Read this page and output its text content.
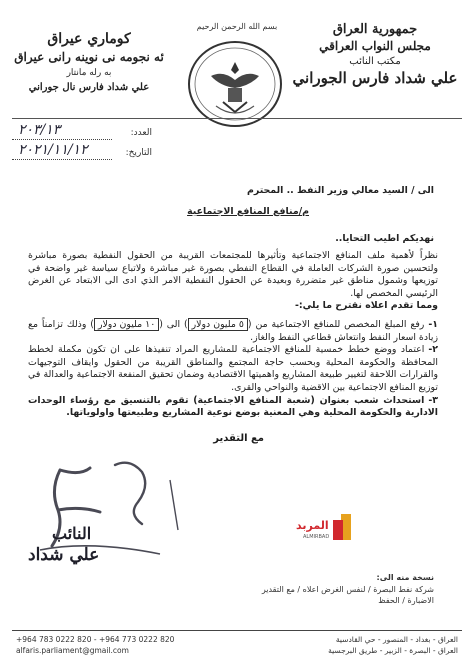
جمهورية العراق
مجلس النواب العراقي
مكتب النائب
علي شداد فارس الجوراني
بسم الله الرحمن الرحيم
كوماري عيراق
ئه نجومه نى نوينه رانى عيراق
به رله مانتار
علي شداد فارس نال جوراني
العدد:
٢٠٣/١٣
التاريخ:
٢٠٢١/١١/١٢
الى / السيد معالي وزير النفط .. المحترم
م/منافع المنافع الاجتماعية
نهديكم اطيب التحايا..
نظراً لأهمية ملف المنافع الاجتماعية وتأثيرها للمجتمعات القريبة من الحقول النفطية بصورة مباشرة ولتحسين صورة الشركات العاملة في القطاع النفطي بصورة غير مباشرة ولاتباع سياسة غير واضحة في توزيعها وشمول مناطق غير متضررة وبعيدة عن الحقول النفطية الامر الذي ادى الى الابتعاد عن الغرض الرئيسي المخصص لها.
ومما تقدم اعلاه نقترح ما يلي:-
١-رفع المبلغ المخصص للمنافع الاجتماعية من (٥ مليون دولار) الى (١٠ مليون دولار) وذلك تزامناً مع زيادة اسعار النفط وانتعاش قطاعي النفط والغاز.
٢-اعتماد ووضع خطط خمسية للمنافع الاجتماعية للمشاريع المراد تنفيذها على ان تكون مكملة لخطط المحافظة والحكومة المحلية وبحسب حاجة المجتمع والمناطق القريبة من الحقول وايقاف التوجيهات والقرارات اللاحقة لتغيير طبيعة المشاريع واهميتها الاقتصادية وضمان تحقيق المنفعة الاجتماعية والعدالة في توزيع المنافع الاجتماعية بين الاقضية والنواحي والقرى.
٣-استحداث شعب بعنوان (شعبة المنافع الاجتماعية) تقوم بالتنسيق مع رؤساء الوحدات الادارية والحكومة المحلية وهي المعنية بوضع نوعية المشاريع وطبيعتها واولوياتها.
مع التقدير
النائب
علي شداد
المربد
ALMIRBAD
نسخة منه الى:
شركة نفط البصرة / لنفس الغرض اعلاه / مع التقدير
الاضبارة / الحفظ
العراق - بغداد - المنصور - حي القادسية
العراق - البصرة - الزبير - طريق البرجسية
+964 783 0222 820 - +964 773 0222 820
alfaris.parliament@gmail.com
